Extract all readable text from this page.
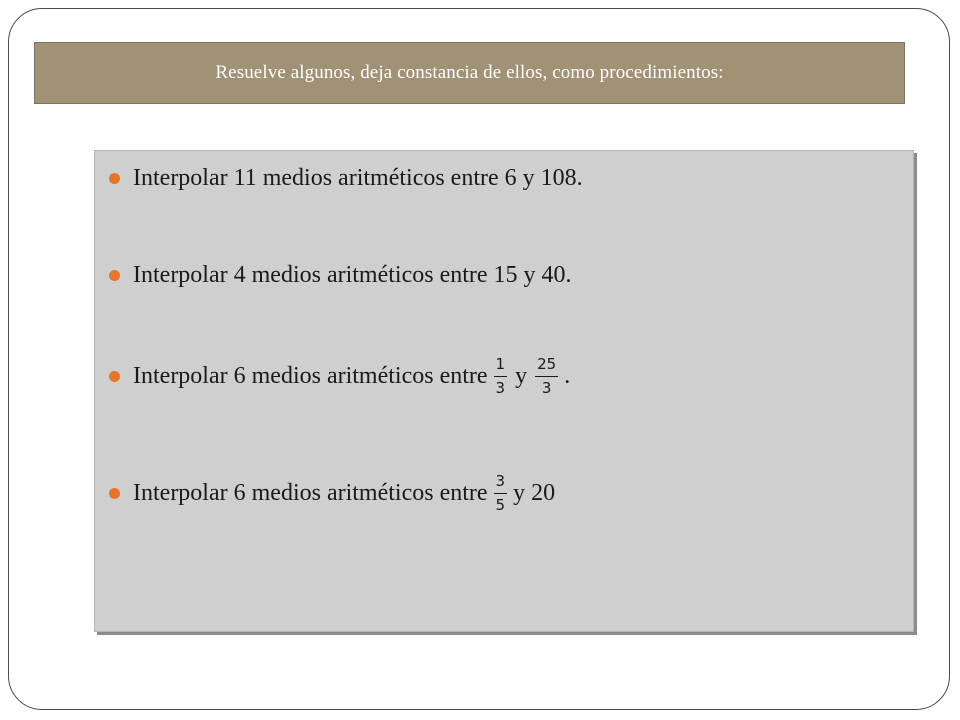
Resuelve algunos, deja constancia de ellos, como procedimientos:
Interpolar 11 medios aritméticos entre 6 y 108.
Interpolar 4 medios aritméticos entre 15 y 40.
Interpolar 6 medios aritméticos entre $\frac{1}{3}$ y $\frac{25}{3}$ .
Interpolar 6 medios aritméticos entre $\frac{3}{5}$ y 20
